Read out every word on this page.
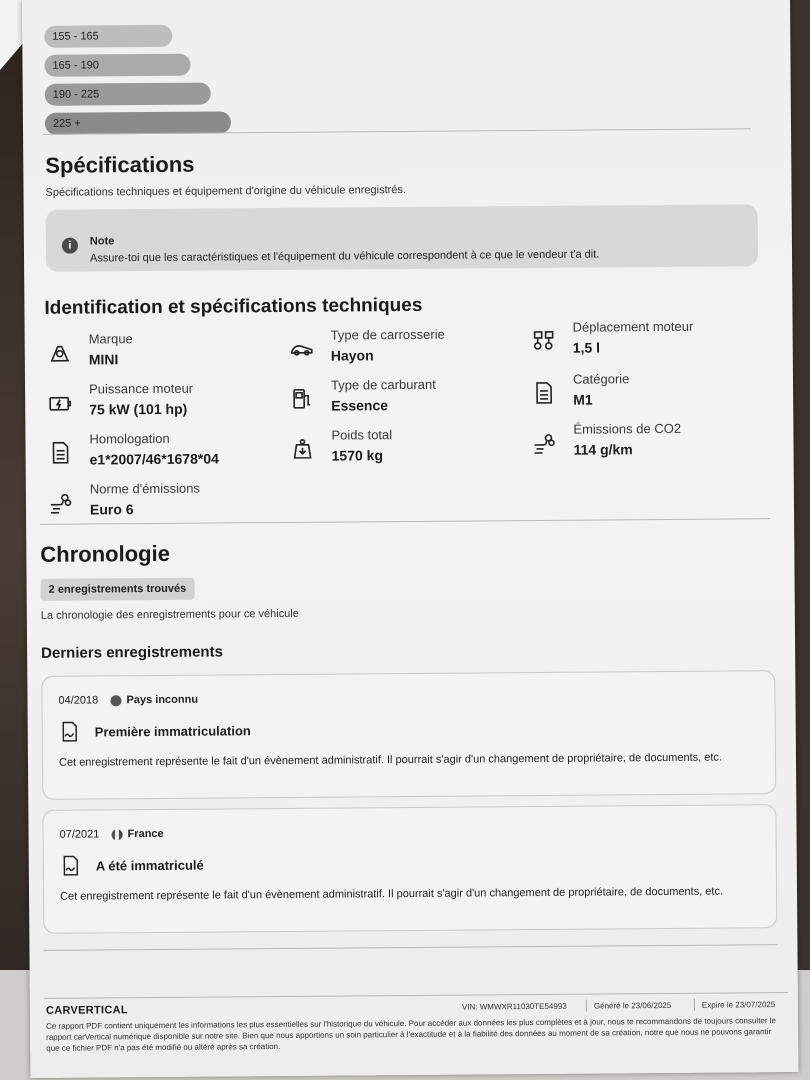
155 - 165
165 - 190
190 - 225
225 +
Spécifications
Spécifications techniques et équipement d'origine du véhicule enregistrés.
i	Note
Assure-toi que les caractéristiques et l'équipement du véhicule correspondent à ce que le vendeur t'a dit.
Identification et spécifications techniques
Marque
MINI
Type de carrosserie
Hayon
Déplacement moteur
1,5 l
Puissance moteur
75 kW (101 hp)
Type de carburant
Essence
Catégorie
M1
Homologation
e1*2007/46*1678*04
Poids total
1570 kg
Émissions de CO2
114 g/km
Norme d'émissions
Euro 6
Chronologie
2 enregistrements trouvés
La chronologie des enregistrements pour ce véhicule
Derniers enregistrements
04/2018	Pays inconnu
Première immatriculation
Cet enregistrement représente le fait d'un évènement administratif. Il pourrait s'agir d'un changement de propriétaire, de documents, etc.
07/2021	France
A été immatriculé
Cet enregistrement représente le fait d'un évènement administratif. Il pourrait s'agir d'un changement de propriétaire, de documents, etc.
CARVERTICAL	VIN: WMWXR11030TE54993	Généré le 23/06/2025	Expire le 23/07/2025
Ce rapport PDF contient uniquement les informations les plus essentielles sur l'historique du véhicule. Pour accéder aux données les plus complètes et à jour, nous te recommandons de toujours consulter le rapport carVertical numérique disponible sur notre site. Bien que nous apportions un soin particulier à l'exactitude et à la fiabilité des données au moment de sa création, notre que nous ne pouvons garantir que ce fichier PDF n'a pas été modifié ou altéré après sa création.
